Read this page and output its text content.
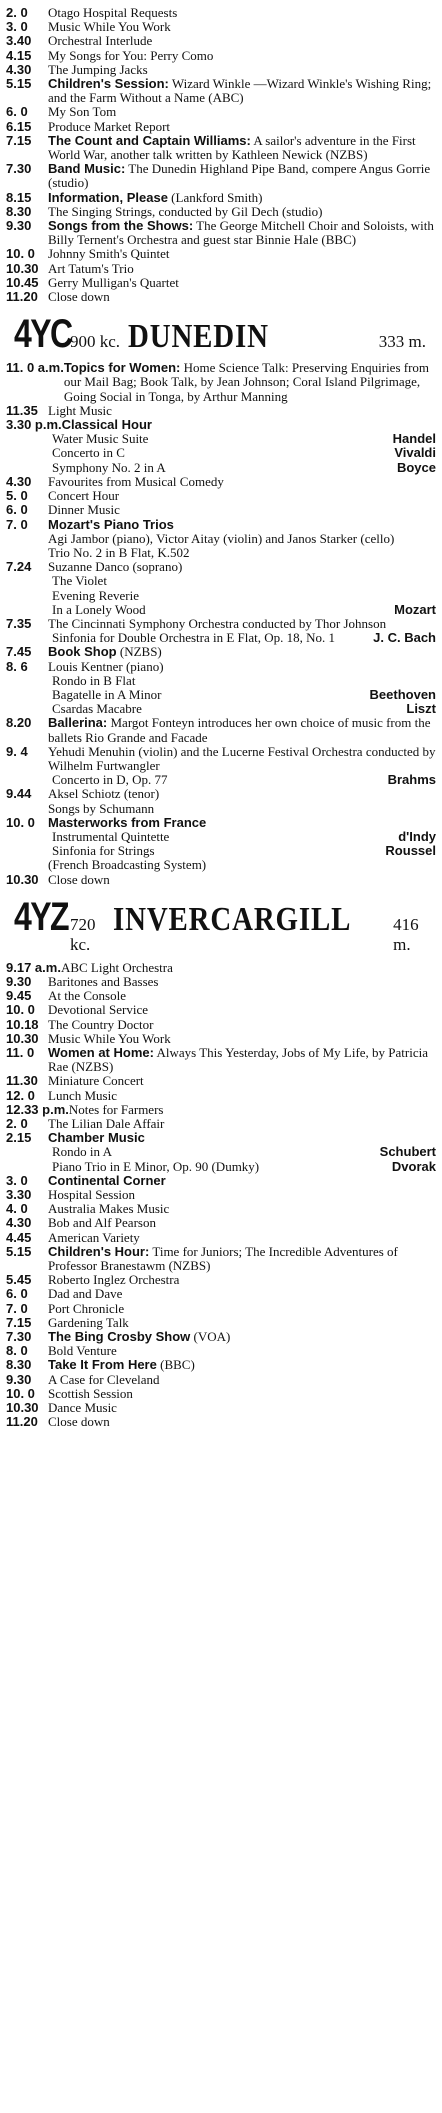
2. 0	Otago Hospital Requests
3. 0	Music While You Work
3.40	Orchestral Interlude
4.15	My Songs for You: Perry Como
4.30	The Jumping Jacks
5.15	Children's Session: Wizard Winkle —Wizard Winkle's Wishing Ring; and the Farm Without a Name (ABC)
6. 0	My Son Tom
6.15	Produce Market Report
7.15	The Count and Captain Williams: A sailor's adventure in the First World War, another talk written by Kathleen Newick (NZBS)
7.30	Band Music: The Dunedin Highland Pipe Band, compere Angus Gorrie (studio)
8.15	Information, Please (Lankford Smith)
8.30	The Singing Strings, conducted by Gil Dech (studio)
9.30	Songs from the Shows: The George Mitchell Choir and Soloists, with Billy Ternent's Orchestra and guest star Binnie Hale (BBC)
10. 0	Johnny Smith's Quintet
10.30 Art Tatum's Trio
10.45 Gerry Mulligan's Quartet
11.20 Close down
4YC
900 kc. DUNEDIN	333 m.
11. 0 a.m. Topics for Women: Home Science Talk: Preserving Enquiries from our Mail Bag; Book Talk, by Jean Johnson; Coral Island Pilgrimage, Going Social in Tonga, by Arthur Manning
11.35 Light Music
3.30 p.m. Classical Hour
Water Music Suite	Handel
Concerto in C	Vivaldi
Symphony No. 2 in A	Boyce
4.30	Favourites from Musical Comedy
5. 0	Concert Hour
6. 0	Dinner Music
7. 0	Mozart's Piano Trios
Agi Jambor (piano), Victor Aitay (violin) and Janos Starker (cello)
Trio No. 2 in B Flat, K.502
7.24	Suzanne Danco (soprano)
The Violet
Evening Reverie
In a Lonely Wood	Mozart
7.35	The Cincinnati Symphony Orchestra conducted by Thor Johnson
Sinfonia for Double Orchestra in E Flat, Op. 18, No. 1	J. C. Bach
7.45	Book Shop (NZBS)
8. 6	Louis Kentner (piano)
Rondo in B Flat
Bagatelle in A Minor	Beethoven
Csardas Macabre	Liszt
8.20	Ballerina: Margot Fonteyn introduces her own choice of music from the ballets Rio Grande and Facade
9. 4	Yehudi Menuhin (violin) and the Lucerne Festival Orchestra conducted by Wilhelm Furtwangler
Concerto in D, Op. 77	Brahms
9.44	Aksel Schiotz (tenor)
Songs by Schumann
10. 0	Masterworks from France
Instrumental Quintette	d'Indy
Sinfonia for Strings	Roussel
(French Broadcasting System)
10.30 Close down
4YZ 720 kc.
INVERCARGILL 416 m.
9.17 a.m. ABC Light Orchestra
9.30	Baritones and Basses
9.45	At the Console
10. 0	Devotional Service
10.18 The Country Doctor
10.30 Music While You Work
11. 0	Women at Home: Always This Yesterday, Jobs of My Life, by Patricia Rae (NZBS)
11.30 Miniature Concert
12. 0	Lunch Music
12.33 p.m. Notes for Farmers
2. 0	The Lilian Dale Affair
2.15	Chamber Music
Rondo in A	Schubert
Piano Trio in E Minor, Op. 90 (Dumky)	Dvorak
3. 0	Continental Corner
3.30	Hospital Session
4. 0	Australia Makes Music
4.30	Bob and Alf Pearson
4.45	American Variety
5.15	Children's Hour: Time for Juniors; The Incredible Adventures of Professor Branestawm (NZBS)
5.45	Roberto Inglez Orchestra
6. 0	Dad and Dave
7. 0	Port Chronicle
7.15	Gardening Talk
7.30	The Bing Crosby Show (VOA)
8. 0	Bold Venture
8.30	Take It From Here (BBC)
9.30	A Case for Cleveland
10. 0	Scottish Session
10.30 Dance Music
11.20 Close down
